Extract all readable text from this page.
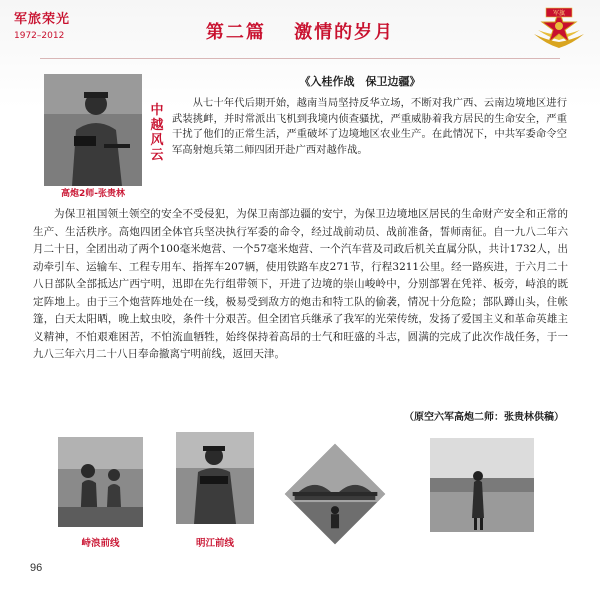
军旅荣光
1972–2012	第二篇 激情的岁月
军旗
高炮2师-张贵林
中
越
风
云
《入桂作战　保卫边疆》
从七十年代后期开始，越南当局坚持反华立场，不断对我广西、云南边境地区进行武装挑衅，并时常派出飞机到我境内侦查骚扰，严重威胁着我方居民的生命安全，严重干扰了他们的正常生活，严重破坏了边境地区农业生产。在此情况下，中共军委命令空军高射炮兵第二师四团开赴广西对越作战。
为保卫祖国领土领空的安全不受侵犯，为保卫南部边疆的安宁，为保卫边境地区居民的生命财产安全和正常的生产、生活秩序。高炮四团全体官兵坚决执行军委的命令，经过战前动员、战前准备，誓师南征。自一九八二年六月二十日，全团出动了两个100毫米炮营、一个57毫米炮营、一个汽车营及司政后机关直属分队，共计1732人，出动牵引车、运输车、工程专用车、指挥车207辆，使用铁路车皮271节，行程3211公里。经一路疾进，于六月二十八日部队全部抵达广西宁明，迅即在先行组带领下，开进了边境的崇山峻岭中，分别部署在凭祥、板旁，峙浪的既定阵地上。由于三个炮营阵地处在一线，极易受到敌方的炮击和特工队的偷袭，情况十分危险；部队蹲山头，住帐篷，白天太阳晒，晚上蚊虫咬，条件十分艰苦。但全团官兵继承了我军的光荣传统，发扬了爱国主义和革命英雄主义精神，不怕艰难困苦，不怕流血牺牲，始终保持着高昂的士气和旺盛的斗志，圆满的完成了此次作战任务，于一九八三年六月二十八日奉命撤离宁明前线，返回天津。
（原空六军高炮二师：张贵林供稿）
峙浪前线	明江前线
96
